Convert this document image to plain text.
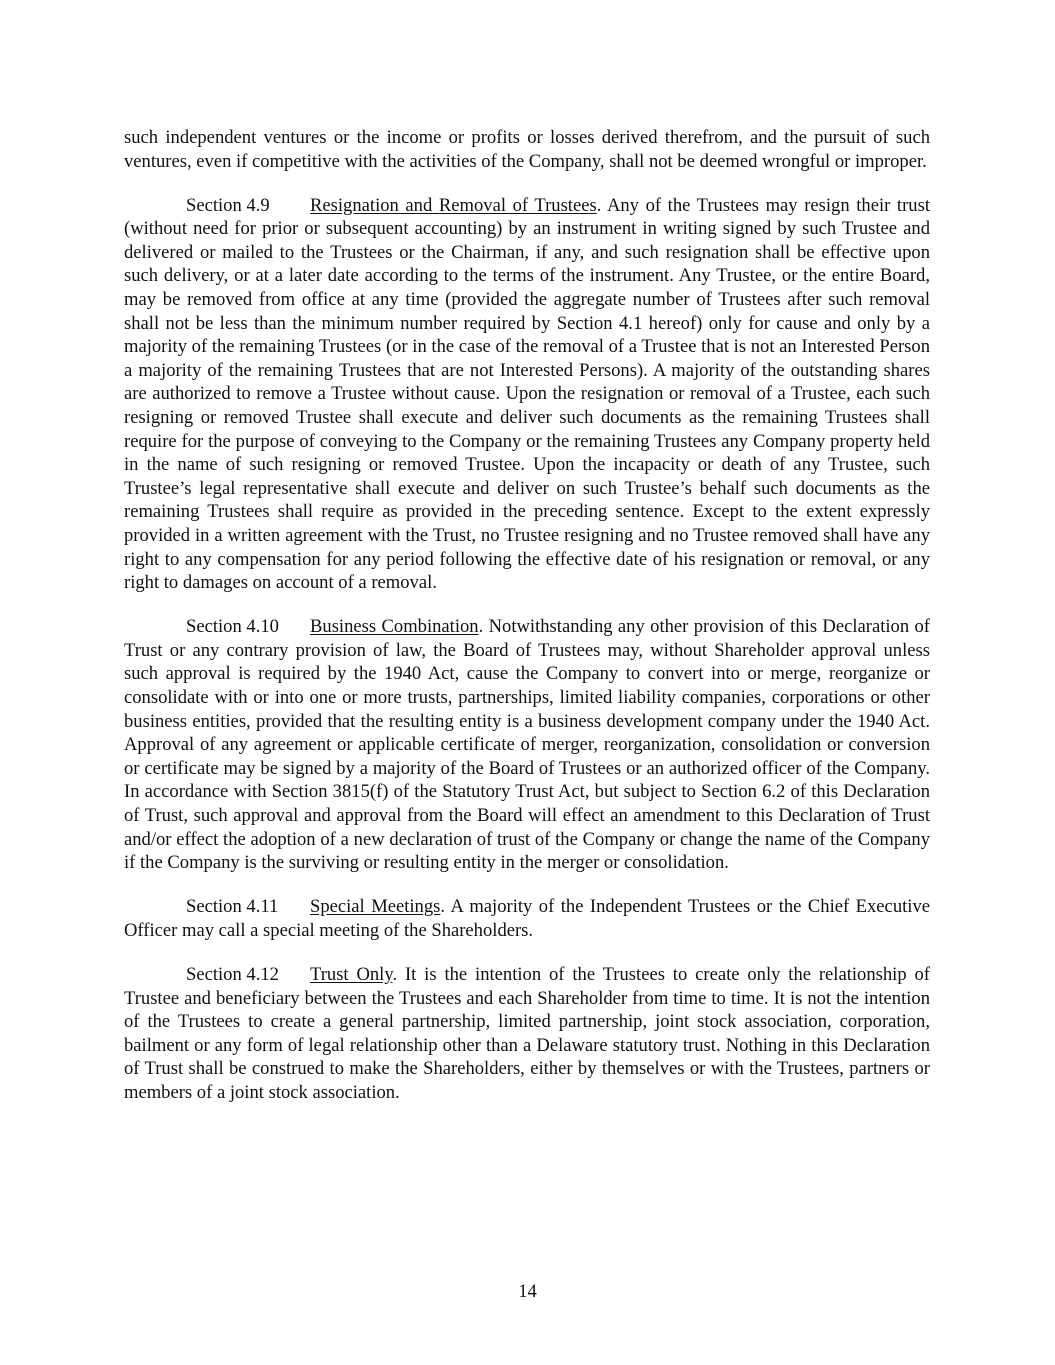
such independent ventures or the income or profits or losses derived therefrom, and the pursuit of such ventures, even if competitive with the activities of the Company, shall not be deemed wrongful or improper.

Section 4.9 Resignation and Removal of Trustees. Any of the Trustees may resign their trust (without need for prior or subsequent accounting) by an instrument in writing signed by such Trustee and delivered or mailed to the Trustees or the Chairman, if any, and such resignation shall be effective upon such delivery, or at a later date according to the terms of the instrument. Any Trustee, or the entire Board, may be removed from office at any time (provided the aggregate number of Trustees after such removal shall not be less than the minimum number required by Section 4.1 hereof) only for cause and only by a majority of the remaining Trustees (or in the case of the removal of a Trustee that is not an Interested Person a majority of the remaining Trustees that are not Interested Persons). A majority of the outstanding shares are authorized to remove a Trustee without cause. Upon the resignation or removal of a Trustee, each such resigning or removed Trustee shall execute and deliver such documents as the remaining Trustees shall require for the purpose of conveying to the Company or the remaining Trustees any Company property held in the name of such resigning or removed Trustee. Upon the incapacity or death of any Trustee, such Trustee’s legal representative shall execute and deliver on such Trustee’s behalf such documents as the remaining Trustees shall require as provided in the preceding sentence. Except to the extent expressly provided in a written agreement with the Trust, no Trustee resigning and no Trustee removed shall have any right to any compensation for any period following the effective date of his resignation or removal, or any right to damages on account of a removal.

Section 4.10 Business Combination. Notwithstanding any other provision of this Declaration of Trust or any contrary provision of law, the Board of Trustees may, without Shareholder approval unless such approval is required by the 1940 Act, cause the Company to convert into or merge, reorganize or consolidate with or into one or more trusts, partnerships, limited liability companies, corporations or other business entities, provided that the resulting entity is a business development company under the 1940 Act. Approval of any agreement or applicable certificate of merger, reorganization, consolidation or conversion or certificate may be signed by a majority of the Board of Trustees or an authorized officer of the Company. In accordance with Section 3815(f) of the Statutory Trust Act, but subject to Section 6.2 of this Declaration of Trust, such approval and approval from the Board will effect an amendment to this Declaration of Trust and/or effect the adoption of a new declaration of trust of the Company or change the name of the Company if the Company is the surviving or resulting entity in the merger or consolidation.

Section 4.11 Special Meetings. A majority of the Independent Trustees or the Chief Executive Officer may call a special meeting of the Shareholders.

Section 4.12 Trust Only. It is the intention of the Trustees to create only the relationship of Trustee and beneficiary between the Trustees and each Shareholder from time to time. It is not the intention of the Trustees to create a general partnership, limited partnership, joint stock association, corporation, bailment or any form of legal relationship other than a Delaware statutory trust. Nothing in this Declaration of Trust shall be construed to make the Shareholders, either by themselves or with the Trustees, partners or members of a joint stock association.

14
